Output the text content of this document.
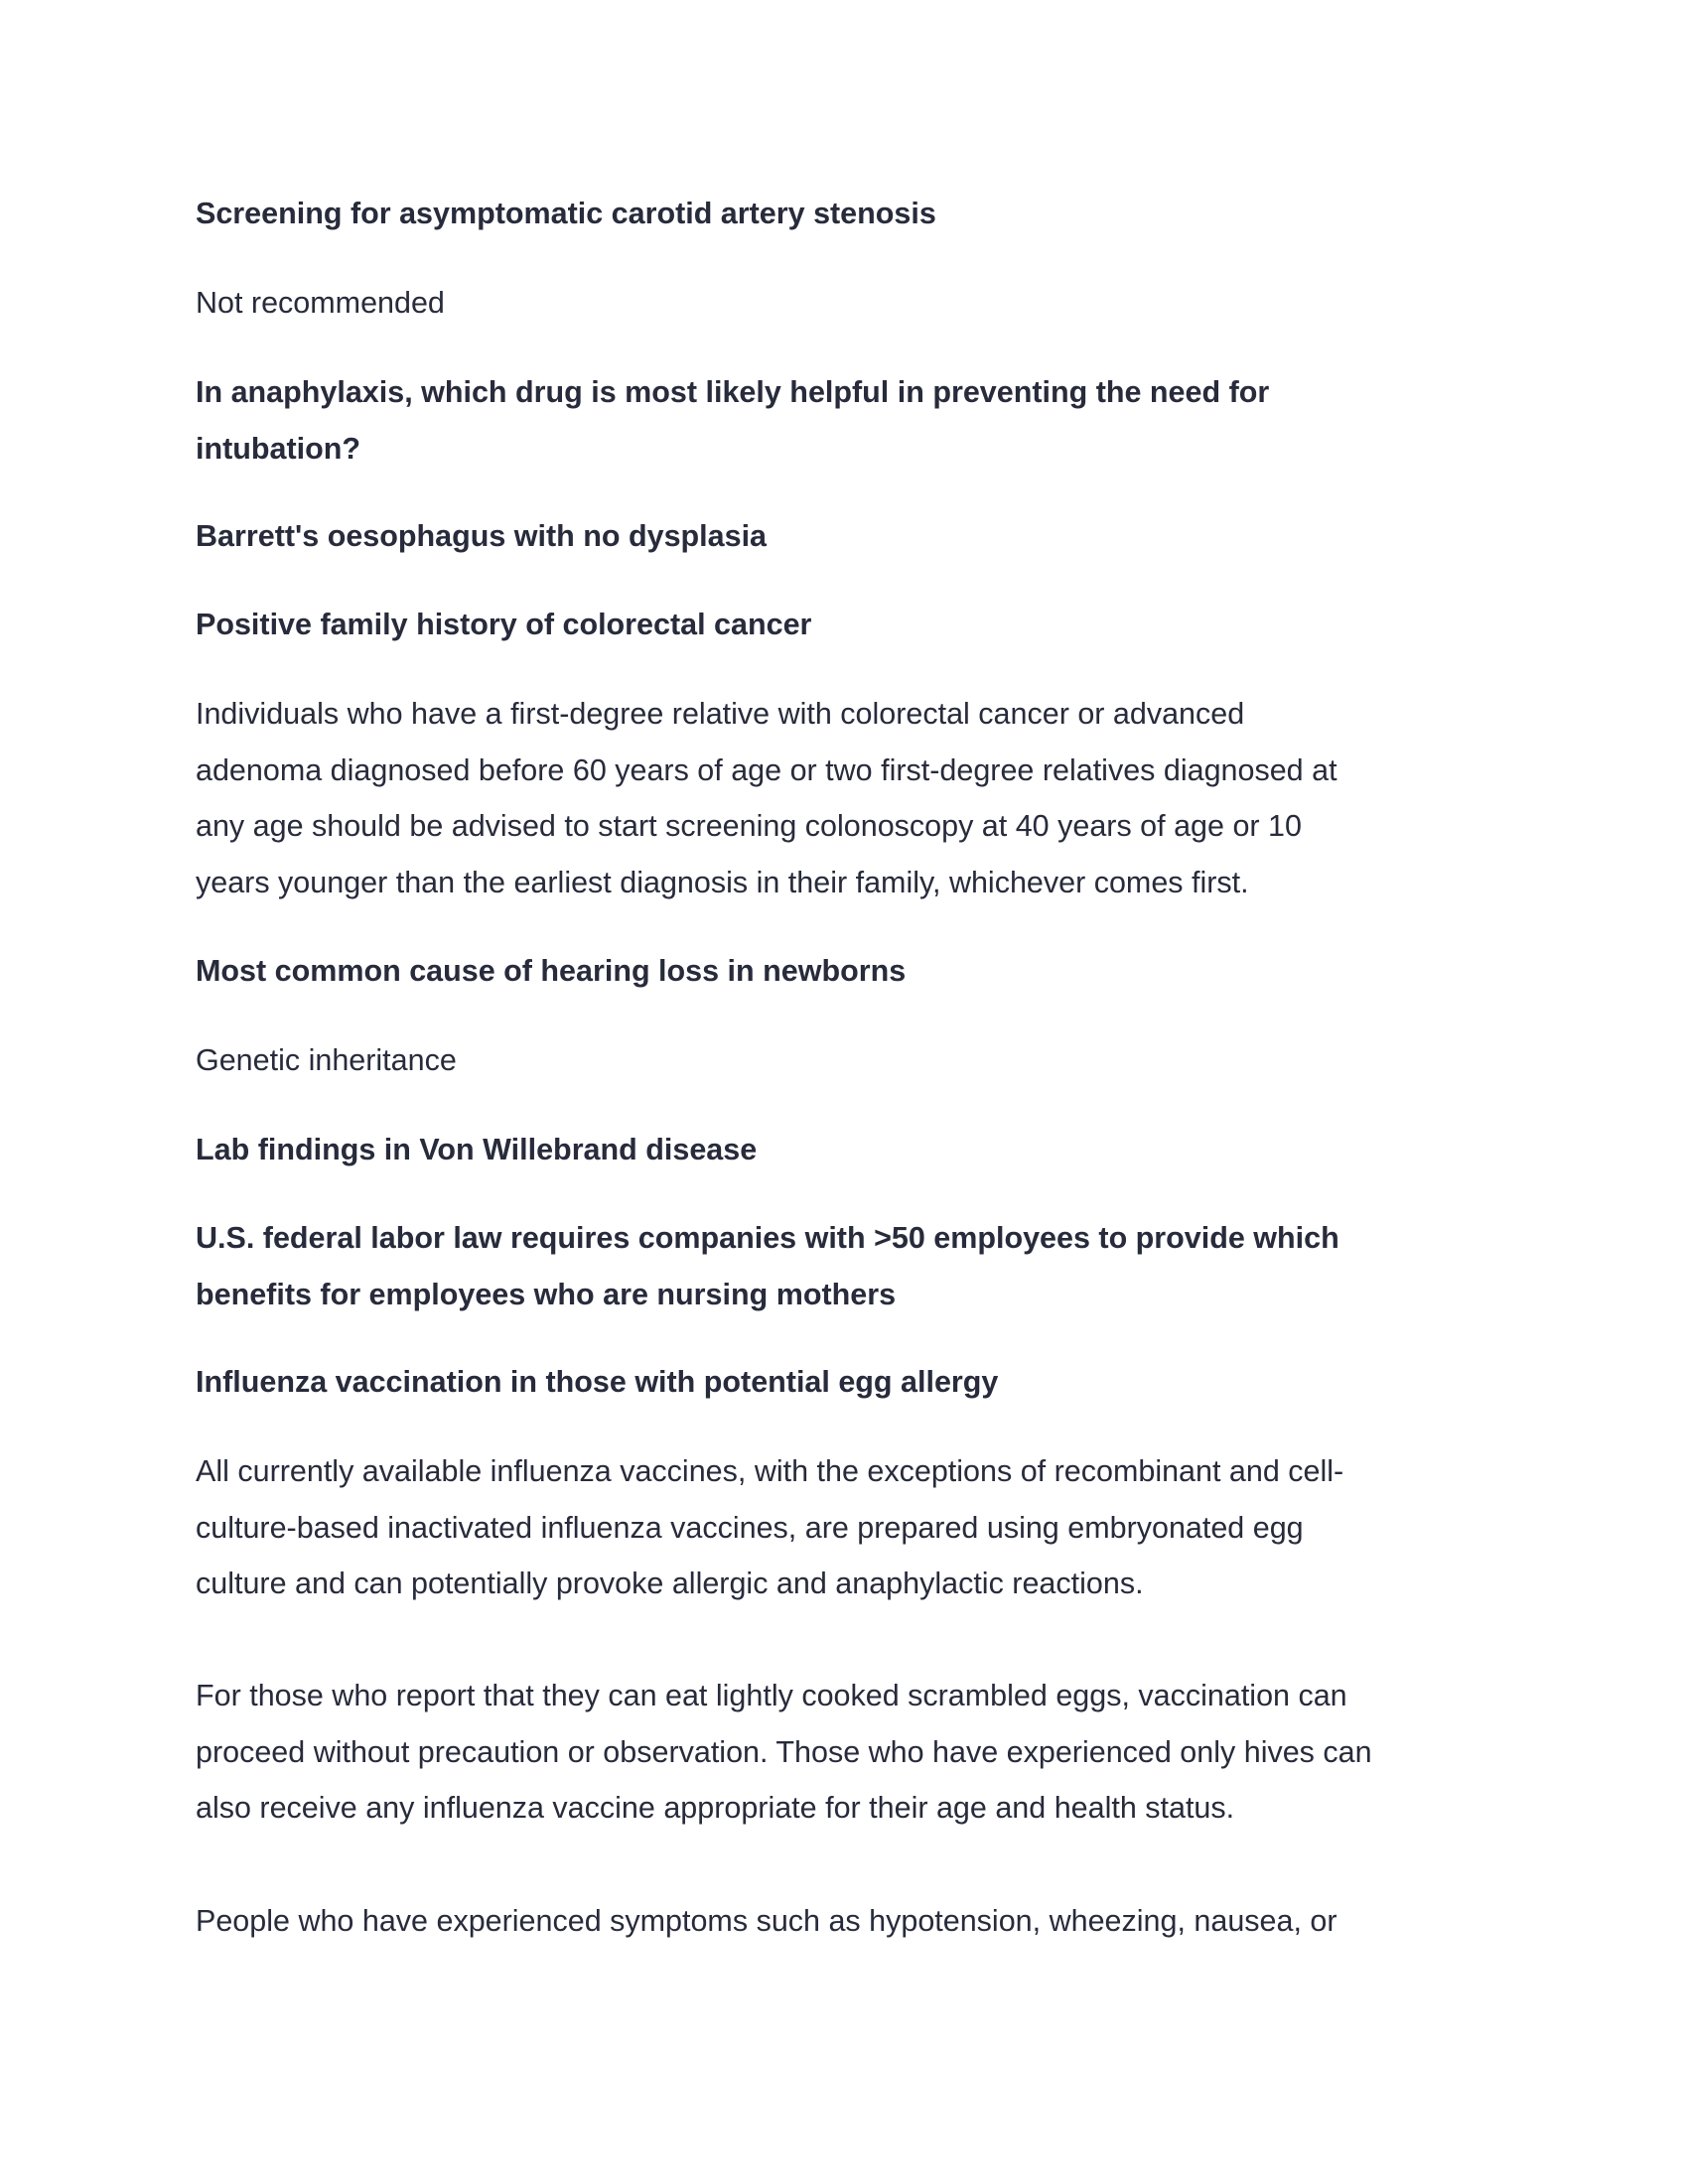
Screening for asymptomatic carotid artery stenosis
Not recommended
In anaphylaxis, which drug is most likely helpful in preventing the need for
intubation?
Barrett's oesophagus with no dysplasia
Positive family history of colorectal cancer
Individuals who have a first-degree relative with colorectal cancer or advanced
adenoma diagnosed before 60 years of age or two first-degree relatives diagnosed at
any age should be advised to start screening colonoscopy at 40 years of age or 10
years younger than the earliest diagnosis in their family, whichever comes first.
Most common cause of hearing loss in newborns
Genetic inheritance
Lab findings in Von Willebrand disease
U.S. federal labor law requires companies with >50 employees to provide which
benefits for employees who are nursing mothers
Influenza vaccination in those with potential egg allergy
All currently available influenza vaccines, with the exceptions of recombinant and cell-
culture-based inactivated influenza vaccines, are prepared using embryonated egg
culture and can potentially provoke allergic and anaphylactic reactions.
For those who report that they can eat lightly cooked scrambled eggs, vaccination can
proceed without precaution or observation. Those who have experienced only hives can
also receive any influenza vaccine appropriate for their age and health status.
People who have experienced symptoms such as hypotension, wheezing, nausea, or
